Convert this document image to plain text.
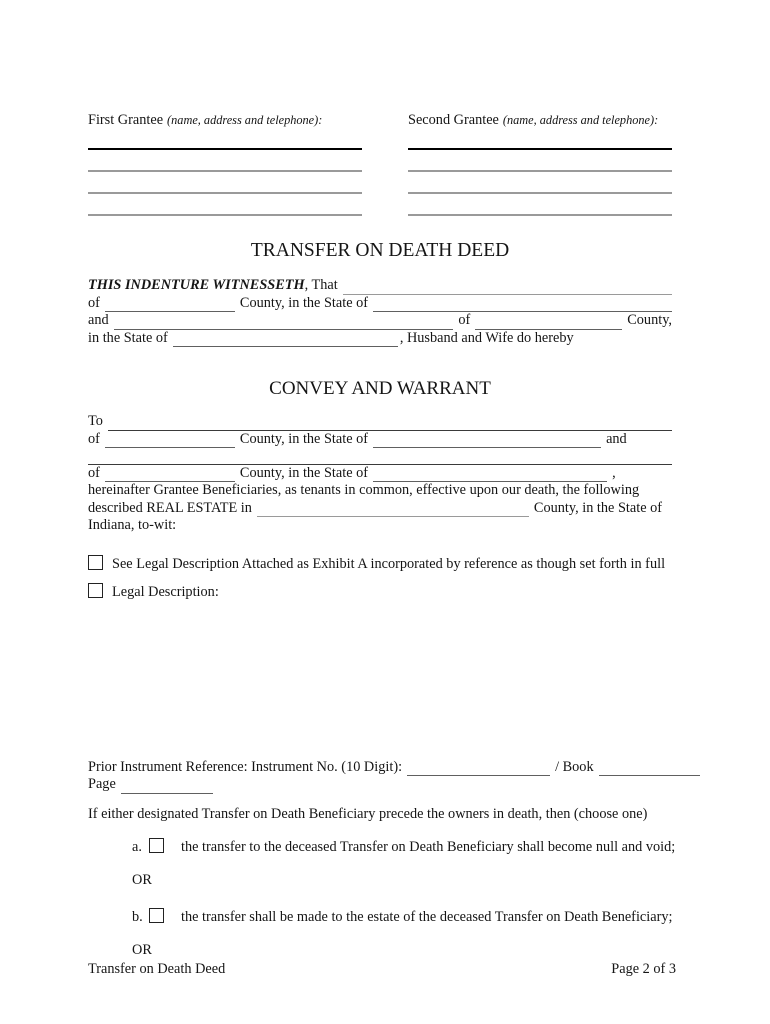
First Grantee (name, address and telephone):	Second Grantee (name, address and telephone):
TRANSFER ON DEATH DEED
THIS INDENTURE WITNESSETH , That
​
of ​	County, in the State of
​
and ​	of ​	County,
in the State of ​	, Husband and Wife do hereby
CONVEY AND WARRANT
To
​
of ​	County, in the State of ​	and
​
of ​	County, in the State of ​	,
hereinafter Grantee Beneficiaries, as tenants in common, effective upon our death, the following
described REAL ESTATE in ​	County, in the State of
Indiana, to-wit:
See Legal Description Attached as Exhibit A incorporated by reference as though set forth in full
Legal Description:
Prior Instrument Reference: Instrument No. (10 Digit): ​	/ Book
​
Page
​
If either designated Transfer on Death Beneficiary precede the owners in death, then (choose one)
a.	the transfer to the deceased Transfer on Death Beneficiary shall become null and void;
OR
b.	the transfer shall be made to the estate of the deceased Transfer on Death Beneficiary;
OR
Transfer on Death Deed	Page 2 of 3
